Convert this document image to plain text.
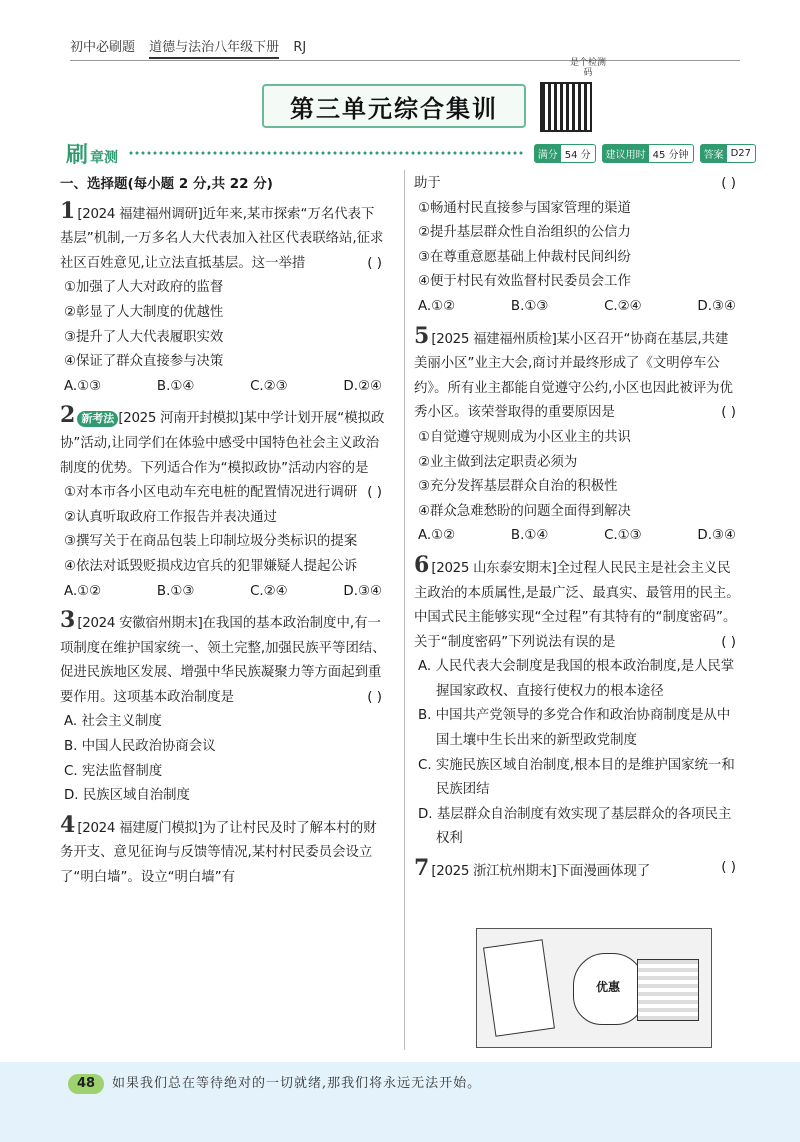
初中必刷题 道德与法治八年级下册 RJ
第三单元综合集训
是个检测码
刷章测	满分 54 分	建议用时 45 分钟	答案 D27
一、选择题(每小题 2 分,共 22 分)
1 [2024 福建福州调研]近年来,某市探索“万名代表下基层”机制,一万多名人大代表加入社区代表联络站,征求社区百姓意见,让立法直抵基层。这一举措	( )
①加强了人大对政府的监督
②彰显了人大制度的优越性
③提升了人大代表履职实效
④保证了群众直接参与决策
A.①③	B.①④	C.②③	D.②④
2 新考法 [2025 河南开封模拟]某中学计划开展“模拟政协”活动,让同学们在体验中感受中国特色社会主义政治制度的优势。下列适合作为“模拟政协”活动内容的是
( )
①对本市各小区电动车充电桩的配置情况进行调研
②认真听取政府工作报告并表决通过
③撰写关于在商品包装上印制垃圾分类标识的提案
④依法对诋毁贬损戍边官兵的犯罪嫌疑人提起公诉
A.①②	B.①③	C.②④	D.③④
3 [2024 安徽宿州期末]在我国的基本政治制度中,有一项制度在维护国家统一、领土完整,加强民族平等团结、促进民族地区发展、增强中华民族凝聚力等方面起到重要作用。这项基本政治制度是	( )
A. 社会主义制度
B. 中国人民政治协商会议
C. 宪法监督制度
D. 民族区域自治制度
4 [2024 福建厦门模拟]为了让村民及时了解本村的财务开支、意见征询与反馈等情况,某村村民委员会设立了“明白墙”。设立“明白墙”有
助于	( )
①畅通村民直接参与国家管理的渠道
②提升基层群众性自治组织的公信力
③在尊重意愿基础上仲裁村民间纠纷
④便于村民有效监督村民委员会工作
A.①②	B.①③	C.②④	D.③④
5 [2025 福建福州质检]某小区召开“协商在基层,共建美丽小区”业主大会,商讨并最终形成了《文明停车公约》。所有业主都能自觉遵守公约,小区也因此被评为优秀小区。该荣誉取得的重要原因是	( )
①自觉遵守规则成为小区业主的共识
②业主做到法定职责必须为
③充分发挥基层群众自治的积极性
④群众急难愁盼的问题全面得到解决
A.①②	B.①④	C.①③	D.③④
6 [2025 山东泰安期末]全过程人民民主是社会主义民主政治的本质属性,是最广泛、最真实、最管用的民主。中国式民主能够实现“全过程”有其特有的“制度密码”。关于“制度密码”下列说法有误的是	( )
A. 人民代表大会制度是我国的根本政治制度,是人民掌握国家政权、直接行使权力的根本途径
B. 中国共产党领导的多党合作和政治协商制度是从中国土壤中生长出来的新型政党制度
C. 实施民族区域自治制度,根本目的是维护国家统一和民族团结
D. 基层群众自治制度有效实现了基层群众的各项民主权利
7 [2025 浙江杭州期末]下面漫画体现了	( )
优惠
48	如果我们总在等待绝对的一切就绪,那我们将永远无法开始。
